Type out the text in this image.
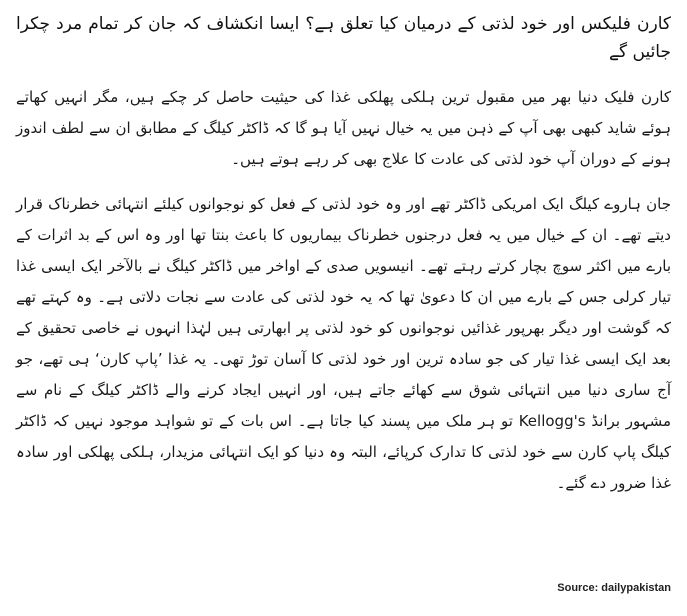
کارن فلیکس اور خود لذتی کے درمیان کیا تعلق ہے؟ ایسا انکشاف کہ جان کر تمام مرد چکرا جائیں گے

کارن فلیک دنیا بھر میں مقبول ترین ہلکی پھلکی غذا کی حیثیت حاصل کر چکے ہیں، مگر انہیں کھاتے ہوئے شاید کبھی بھی آپ کے ذہن میں یہ خیال نہیں آیا ہو گا کہ ڈاکٹر کیلگ کے مطابق ان سے لطف اندوز ہونے کے دوران آپ خود لذتی کی عادت کا علاج بھی کر رہے ہوتے ہیں۔

جان ہاروے کیلگ ایک امریکی ڈاکٹر تھے اور وہ خود لذتی کے فعل کو نوجوانوں کیلئے انتہائی خطرناک قرار دیتے تھے۔ ان کے خیال میں یہ فعل درجنوں خطرناک بیماریوں کا باعث بنتا تھا اور وہ اس کے بد اثرات کے بارے میں اکثر سوچ بچار کرتے رہتے تھے۔ انیسویں صدی کے اواخر میں ڈاکٹر کیلگ نے بالآخر ایک ایسی غذا تیار کرلی جس کے بارے میں ان کا دعویٰ تھا کہ یہ خود لذتی کی عادت سے نجات دلاتی ہے۔ وہ کہتے تھے کہ گوشت اور دیگر بھرپور غذائیں نوجوانوں کو خود لذتی پر ابھارتی ہیں لہٰذا انہوں نے خاصی تحقیق کے بعد ایک ایسی غذا تیار کی جو سادہ ترین اور خود لذتی کا آسان توڑ تھی۔ یہ غذا ’پاپ کارن‘ ہی تھے، جو آج ساری دنیا میں انتہائی شوق سے کھائے جاتے ہیں، اور انہیں ایجاد کرنے والے ڈاکٹر کیلگ کے نام سے مشہور برانڈ Kellogg's تو ہر ملک میں پسند کیا جاتا ہے۔ اس بات کے تو شواہد موجود نہیں کہ ڈاکٹر کیلگ پاپ کارن سے خود لذتی کا تدارک کرپائے، البتہ وہ دنیا کو ایک انتہائی مزیدار، ہلکی پھلکی اور سادہ غذا ضرور دے گئے۔

Source: dailypakistan
